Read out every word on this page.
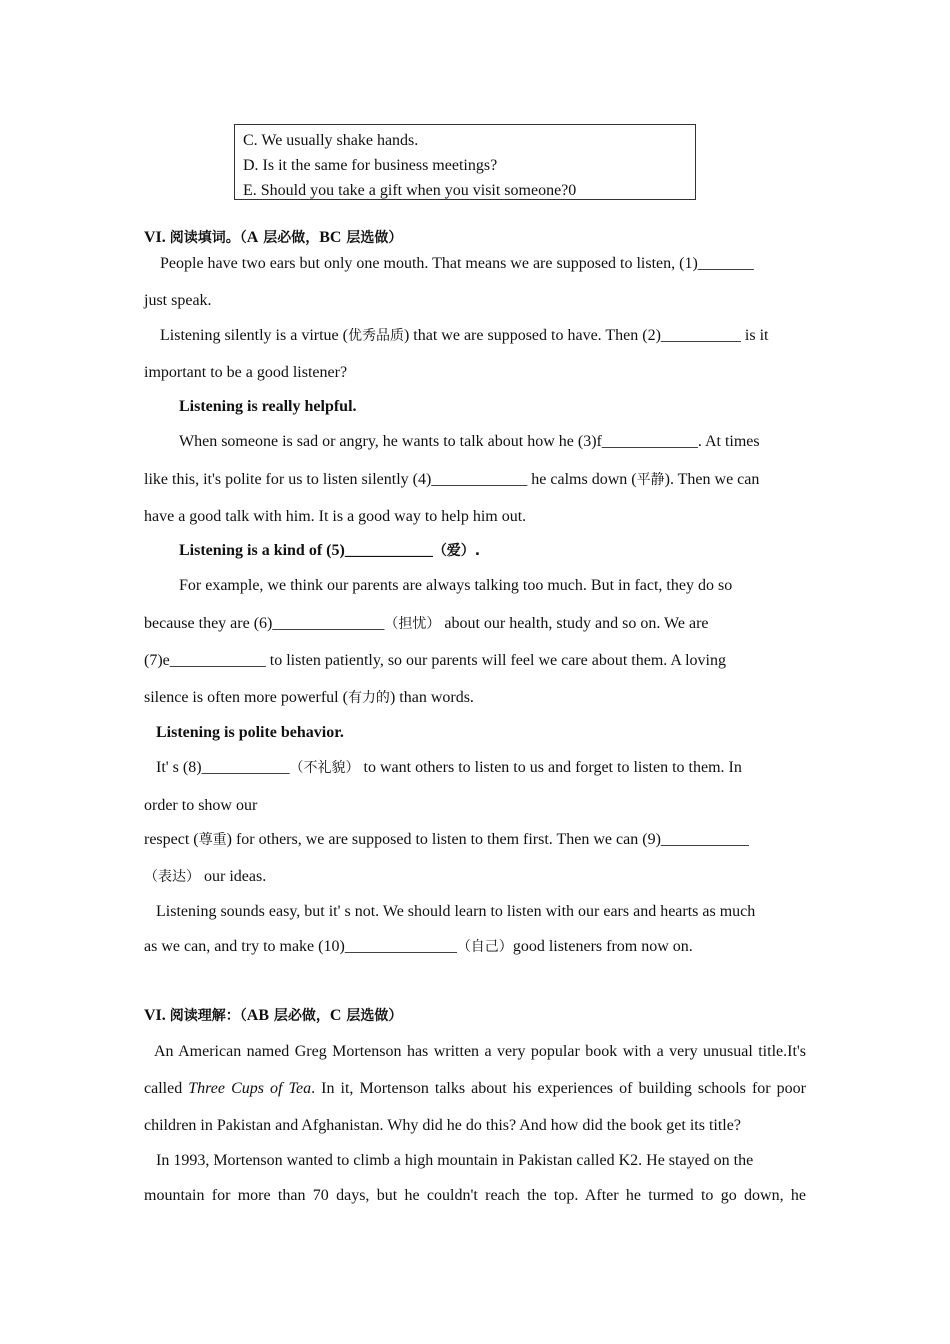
C. We usually shake hands.
D. Is it the same for business meetings?
E. Should you take a gift when you visit someone?0
VI. 阅读填词。（A 层必做，BC 层选做）
People have two ears but only one mouth. That means we are supposed to listen, (1)_______
just speak.
Listening silently is a virtue (优秀品质) that we are supposed to have. Then (2)__________ is it
important to be a good listener?
Listening is really helpful.
When someone is sad or angry, he wants to talk about how he (3)f____________. At times
like this, it's polite for us to listen silently (4)____________ he calms down (平静). Then we can
have a good talk with him. It is a good way to help him out.
Listening is a kind of (5)___________（爱）.
For example, we think our parents are always talking too much. But in fact, they do so
because they are (6)______________（担忧） about our health, study and so on. We are
(7)e____________ to listen patiently, so our parents will feel we care about them. A loving
silence is often more powerful (有力的) than words.
Listening is polite behavior.
It' s (8)___________（不礼貌） to want others to listen to us and forget to listen to them. In
order to show our
respect (尊重) for others, we are supposed to listen to them first. Then we can (9)___________
（表达） our ideas.
Listening sounds easy, but it' s not. We should learn to listen with our ears and hearts as much
as we can, and try to make (10)______________（自己）good listeners from now on.
VI. 阅读理解：（AB 层必做，C 层选做）
An American named Greg Mortenson has written a very popular book with a very unusual title.It's
called Three Cups of Tea. In it, Mortenson talks about his experiences of building schools for poor
children in Pakistan and Afghanistan. Why did he do this? And how did the book get its title?
In 1993, Mortenson wanted to climb a high mountain in Pakistan called K2. He stayed on the
mountain for more than 70 days, but he couldn't reach the top. After he turmed to go down, he
